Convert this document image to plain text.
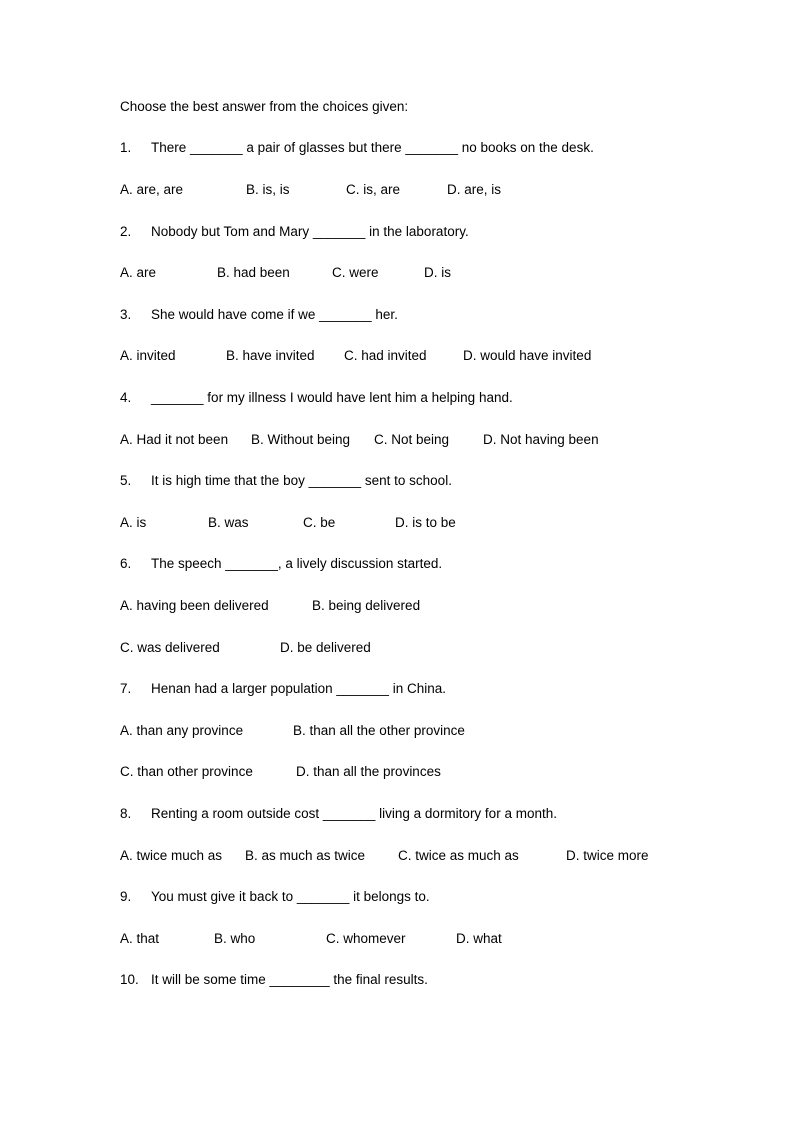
Choose the best answer from the choices given:
1. There _______ a pair of glasses but there _______ no books on the desk.
A. are, are	B. is, is	C. is, are	D. are, is
2. Nobody but Tom and Mary _______ in the laboratory.
A. are	B. had been	C. were	D. is
3. She would have come if we _______ her.
A. invited	B. have invited C. had invited	D. would have invited
4. _______ for my illness I would have lent him a helping hand.
A. Had it not been B. Without being C. Not being	D. Not having been
5. It is high time that the boy _______ sent to school.
A. is	B. was	C. be	D. is to be
6. The speech _______, a lively discussion started.
A. having been delivered	B. being delivered
C. was delivered	D. be delivered
7. Henan had a larger population _______ in China.
A. than any province	B. than all the other province
C. than other province	D. than all the provinces
8. Renting a room outside cost _______ living a dormitory for a month.
A. twice much as B. as much as twice C. twice as much as	D. twice more
9. You must give it back to _______ it belongs to.
A. that	B. who	C. whomever	D. what
10. It will be some time ________ the final results.
